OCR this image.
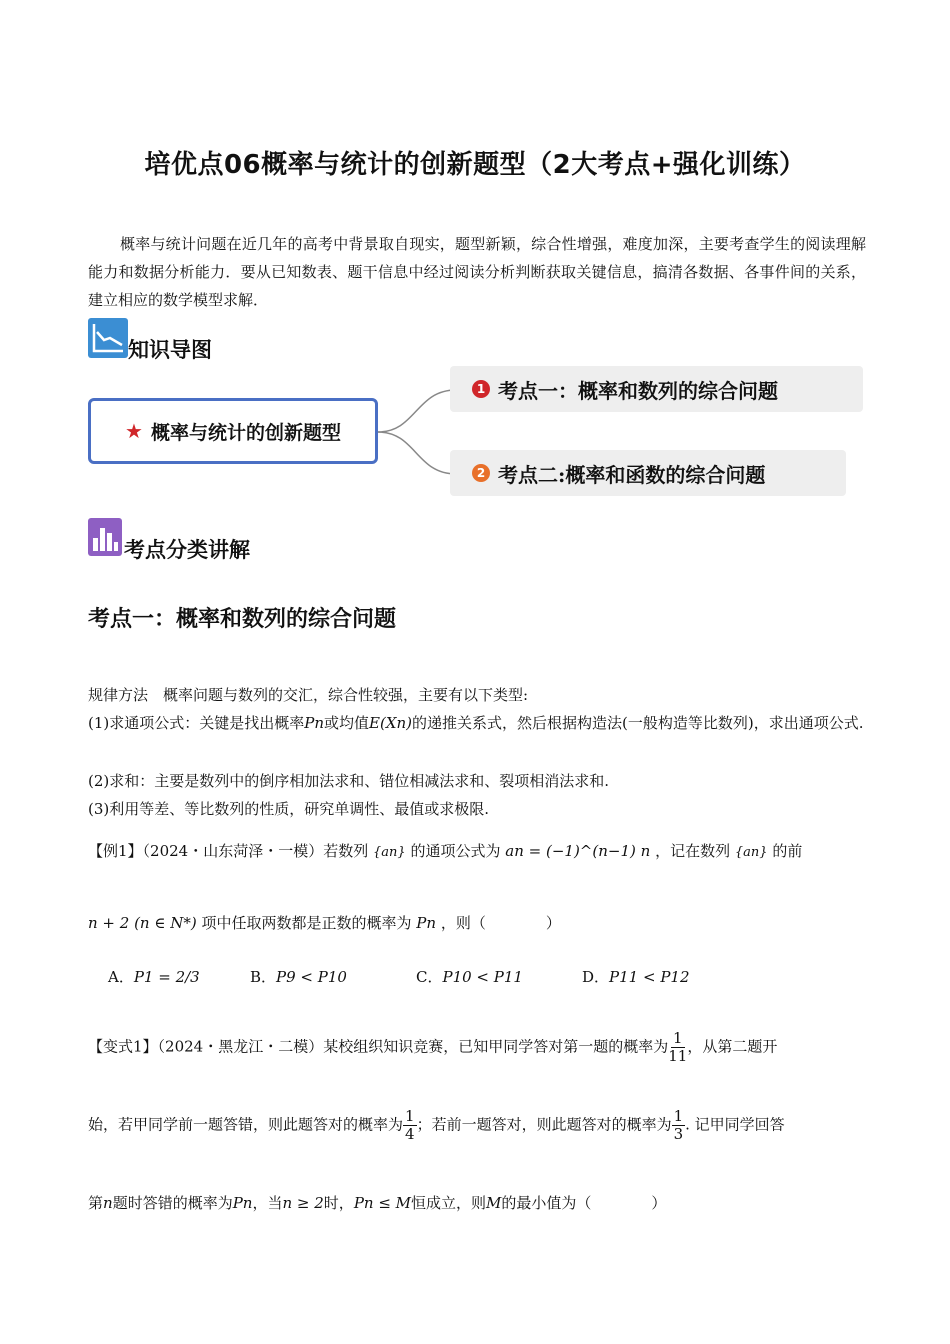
培优点06概率与统计的创新题型（2大考点+强化训练）
概率与统计问题在近几年的高考中背景取自现实，题型新颖，综合性增强，难度加深，主要考查学生的阅读理解能力和数据分析能力．要从已知数表、题干信息中经过阅读分析判断获取关键信息，搞清各数据、各事件间的关系，建立相应的数学模型求解．
知识导图
★ 概率与统计的创新题型
1 考点一：概率和数列的综合问题
2 考点二:概率和函数的综合问题
考点分类讲解
考点一：概率和数列的综合问题
规律方法　概率问题与数列的交汇，综合性较强，主要有以下类型:
(1)求通项公式：关键是找出概率Pn或均值E(Xn)的递推关系式，然后根据构造法(一般构造等比数列)，求出通项公式.
(2)求和：主要是数列中的倒序相加法求和、错位相减法求和、裂项相消法求和.
(3)利用等差、等比数列的性质，研究单调性、最值或求极限.
【例1】（2024・山东菏泽・一模）若数列 {an} 的通项公式为 an = (−1)^(n−1) n ，记在数列 {an} 的前
n + 2 (n ∈ N*) 项中任取两数都是正数的概率为 Pn ，则（　　　　）
A．P1 = 2/3	B．P9 < P10	C．P10 < P11	D．P11 < P12
【变式1】（2024・黑龙江・二模）某校组织知识竞赛，已知甲同学答对第一题的概率为 $\frac{1}{11}$ ，从第二题开
始，若甲同学前一题答错，则此题答对的概率为 $\frac{1}{4}$ ；若前一题答对，则此题答对的概率为 $\frac{1}{3}$ . 记甲同学回答
第n题时答错的概率为Pn，当n ≥ 2时，Pn ≤ M恒成立，则M的最小值为（　　　　）
